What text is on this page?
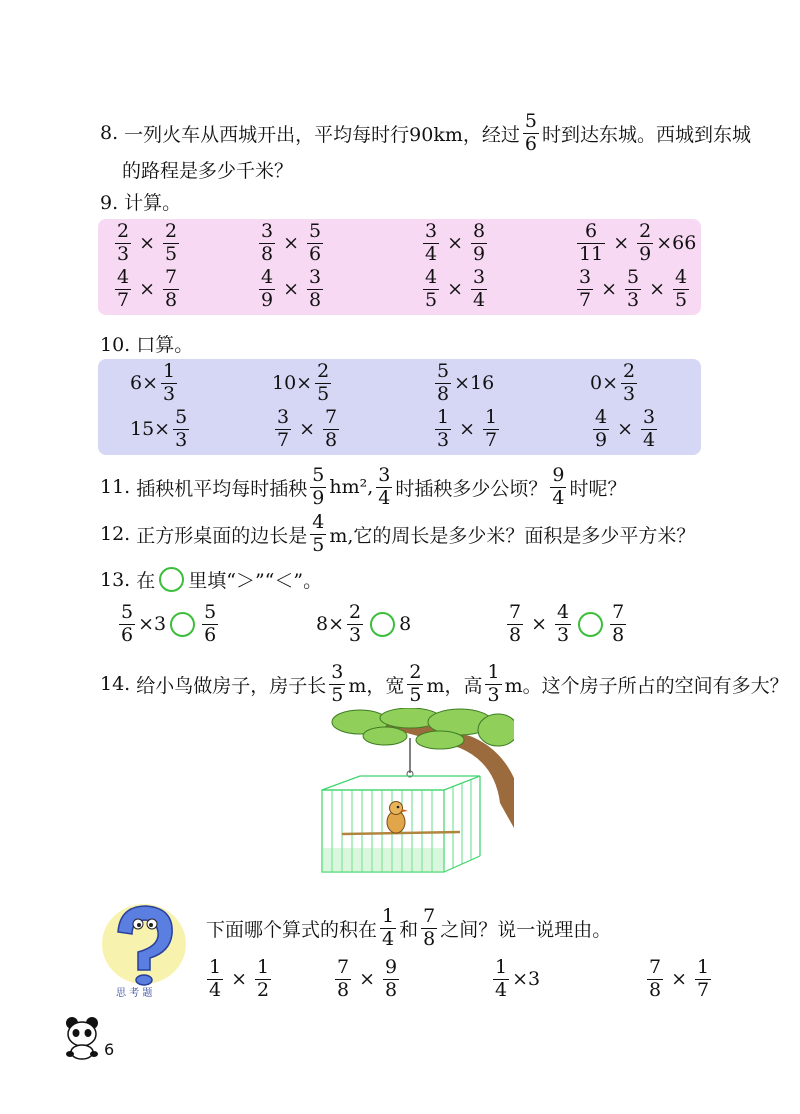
8. 一列火车从西城开出，平均每时行90km，经过 $\frac{5}{6}$ 时到达东城。西城到东城
的路程是多少千米？
9. 计算。
$\frac{2}{3} \times \frac{2}{5}$	$\frac{3}{8} \times \frac{5}{6}$	$\frac{3}{4} \times \frac{8}{9}$	$\frac{6}{11} \times \frac{2}{9} \times 66$
$\frac{4}{7} \times \frac{7}{8}$	$\frac{4}{9} \times \frac{3}{8}$	$\frac{4}{5} \times \frac{3}{4}$	$\frac{3}{7} \times \frac{5}{3} \times \frac{4}{5}$
10. 口算。
$6\times \frac{1}{3}$	$10\times \frac{2}{5}$	$\frac{5}{8} \times 16$	$0\times \frac{2}{3}$
$15\times \frac{5}{3}$	$\frac{3}{7} \times \frac{7}{8}$	$\frac{1}{3} \times \frac{1}{7}$	$\frac{4}{9} \times \frac{3}{4}$
11. 插秧机平均每时插秧 $\frac{5}{9} hm^2$, $\frac{3}{4}$ 时插秧多少公顷？ $\frac{9}{4}$ 时呢？
12. 正方形桌面的边长是 $\frac{4}{5} m$,它的周长是多少米？面积是多少平方米？
13. 在 里填“＞”“＜”。
$\frac{5}{6} \times 3 \frac{5}{6}$	$8\times \frac{2}{3} 8$	$\frac{7}{8} \times \frac{4}{3} \frac{7}{8}$
14. 给小鸟做房子，房子长 $\frac{3}{5}$ m，宽 $\frac{2}{5}$ m，高 $\frac{1}{3}$ m。这个房子所占的空间有多大？
思 考 题
下面哪个算式的积在 $\frac{1}{4}$ 和 $\frac{7}{8}$ 之间？说一说理由。
$\frac{1}{4} \times \frac{1}{2}$	$\frac{7}{8} \times \frac{9}{8}$	$\frac{1}{4} \times 3$	$\frac{7}{8} \times \frac{1}{7}$
6
